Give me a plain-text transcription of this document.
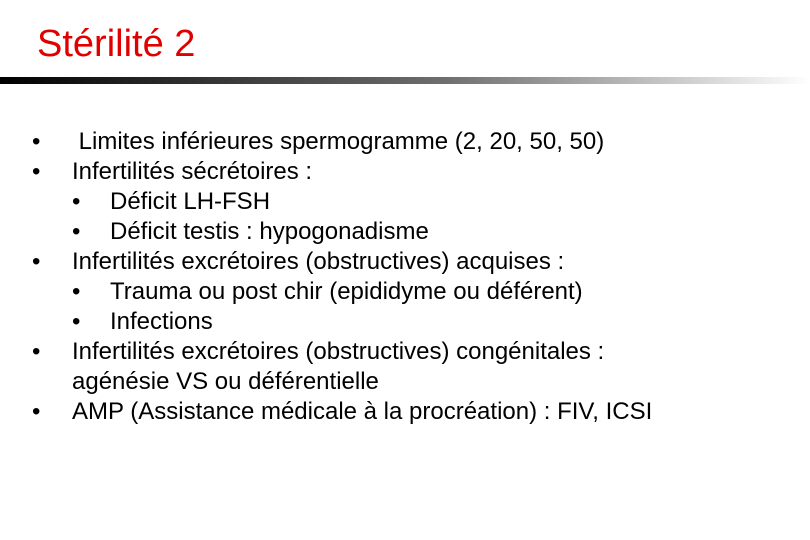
Stérilité 2
• Limites inférieures spermogramme (2, 20, 50, 50)
• Infertilités sécrétoires :
• Déficit LH-FSH
• Déficit testis : hypogonadisme
• Infertilités excrétoires (obstructives) acquises :
• Trauma ou post chir (epididyme ou déférent)
• Infections
• Infertilités excrétoires (obstructives) congénitales :
agénésie VS ou déférentielle
• AMP (Assistance médicale à la procréation) : FIV, ICSI
